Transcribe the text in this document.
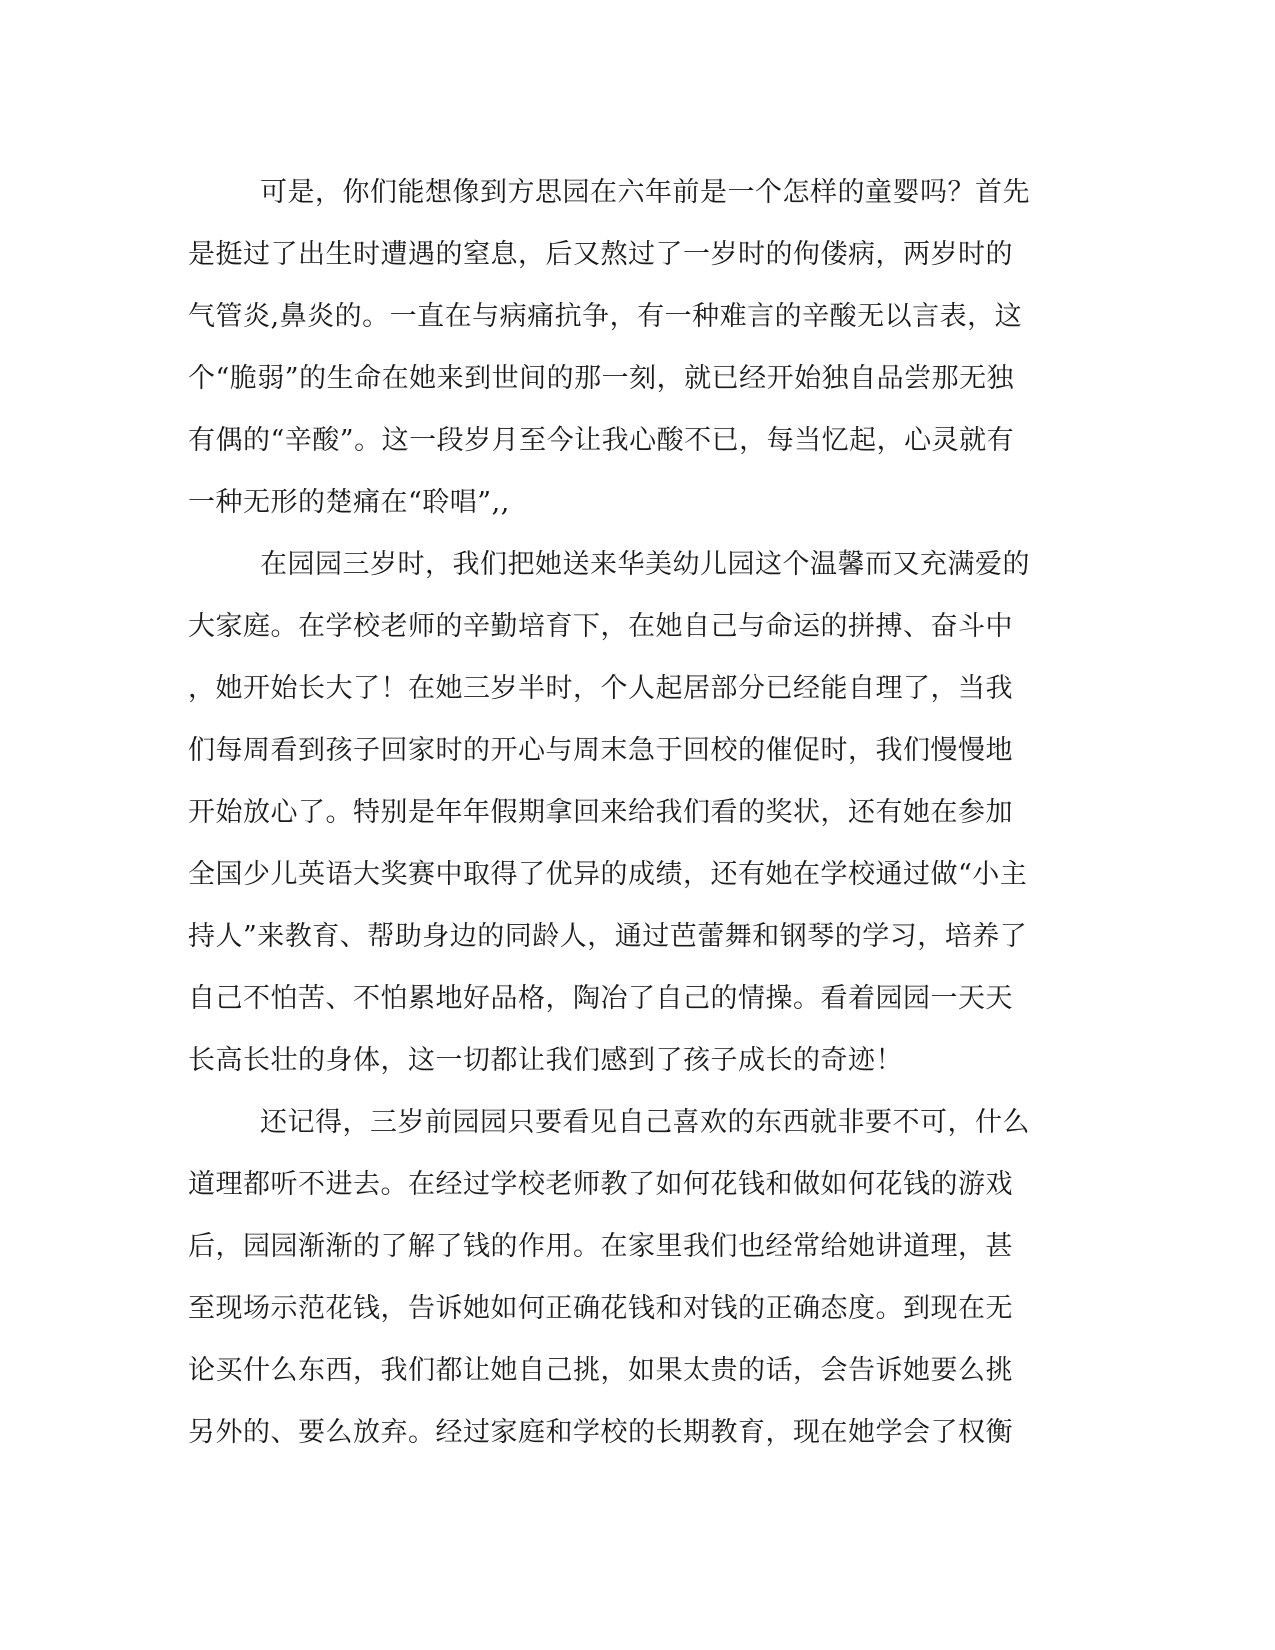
可是，你们能想像到方思园在六年前是一个怎样的童婴吗？首先
是挺过了出生时遭遇的窒息，后又熬过了一岁时的佝偻病，两岁时的
气管炎,鼻炎的。一直在与病痛抗争，有一种难言的辛酸无以言表，这
个“脆弱”的生命在她来到世间的那一刻，就已经开始独自品尝那无独
有偶的“辛酸”。这一段岁月至今让我心酸不已，每当忆起，心灵就有
一种无形的楚痛在“聆唱”,,
在园园三岁时，我们把她送来华美幼儿园这个温馨而又充满爱的
大家庭。在学校老师的辛勤培育下，在她自己与命运的拼搏、奋斗中
，她开始长大了！在她三岁半时，个人起居部分已经能自理了，当我
们每周看到孩子回家时的开心与周末急于回校的催促时，我们慢慢地
开始放心了。特别是年年假期拿回来给我们看的奖状，还有她在参加
全国少儿英语大奖赛中取得了优异的成绩，还有她在学校通过做“小主
持人”来教育、帮助身边的同龄人，通过芭蕾舞和钢琴的学习，培养了
自己不怕苦、不怕累地好品格，陶冶了自己的情操。看着园园一天天
长高长壮的身体，这一切都让我们感到了孩子成长的奇迹！
还记得，三岁前园园只要看见自己喜欢的东西就非要不可，什么
道理都听不进去。在经过学校老师教了如何花钱和做如何花钱的游戏
后，园园渐渐的了解了钱的作用。在家里我们也经常给她讲道理，甚
至现场示范花钱，告诉她如何正确花钱和对钱的正确态度。到现在无
论买什么东西，我们都让她自己挑，如果太贵的话，会告诉她要么挑
另外的、要么放弃。经过家庭和学校的长期教育，现在她学会了权衡
